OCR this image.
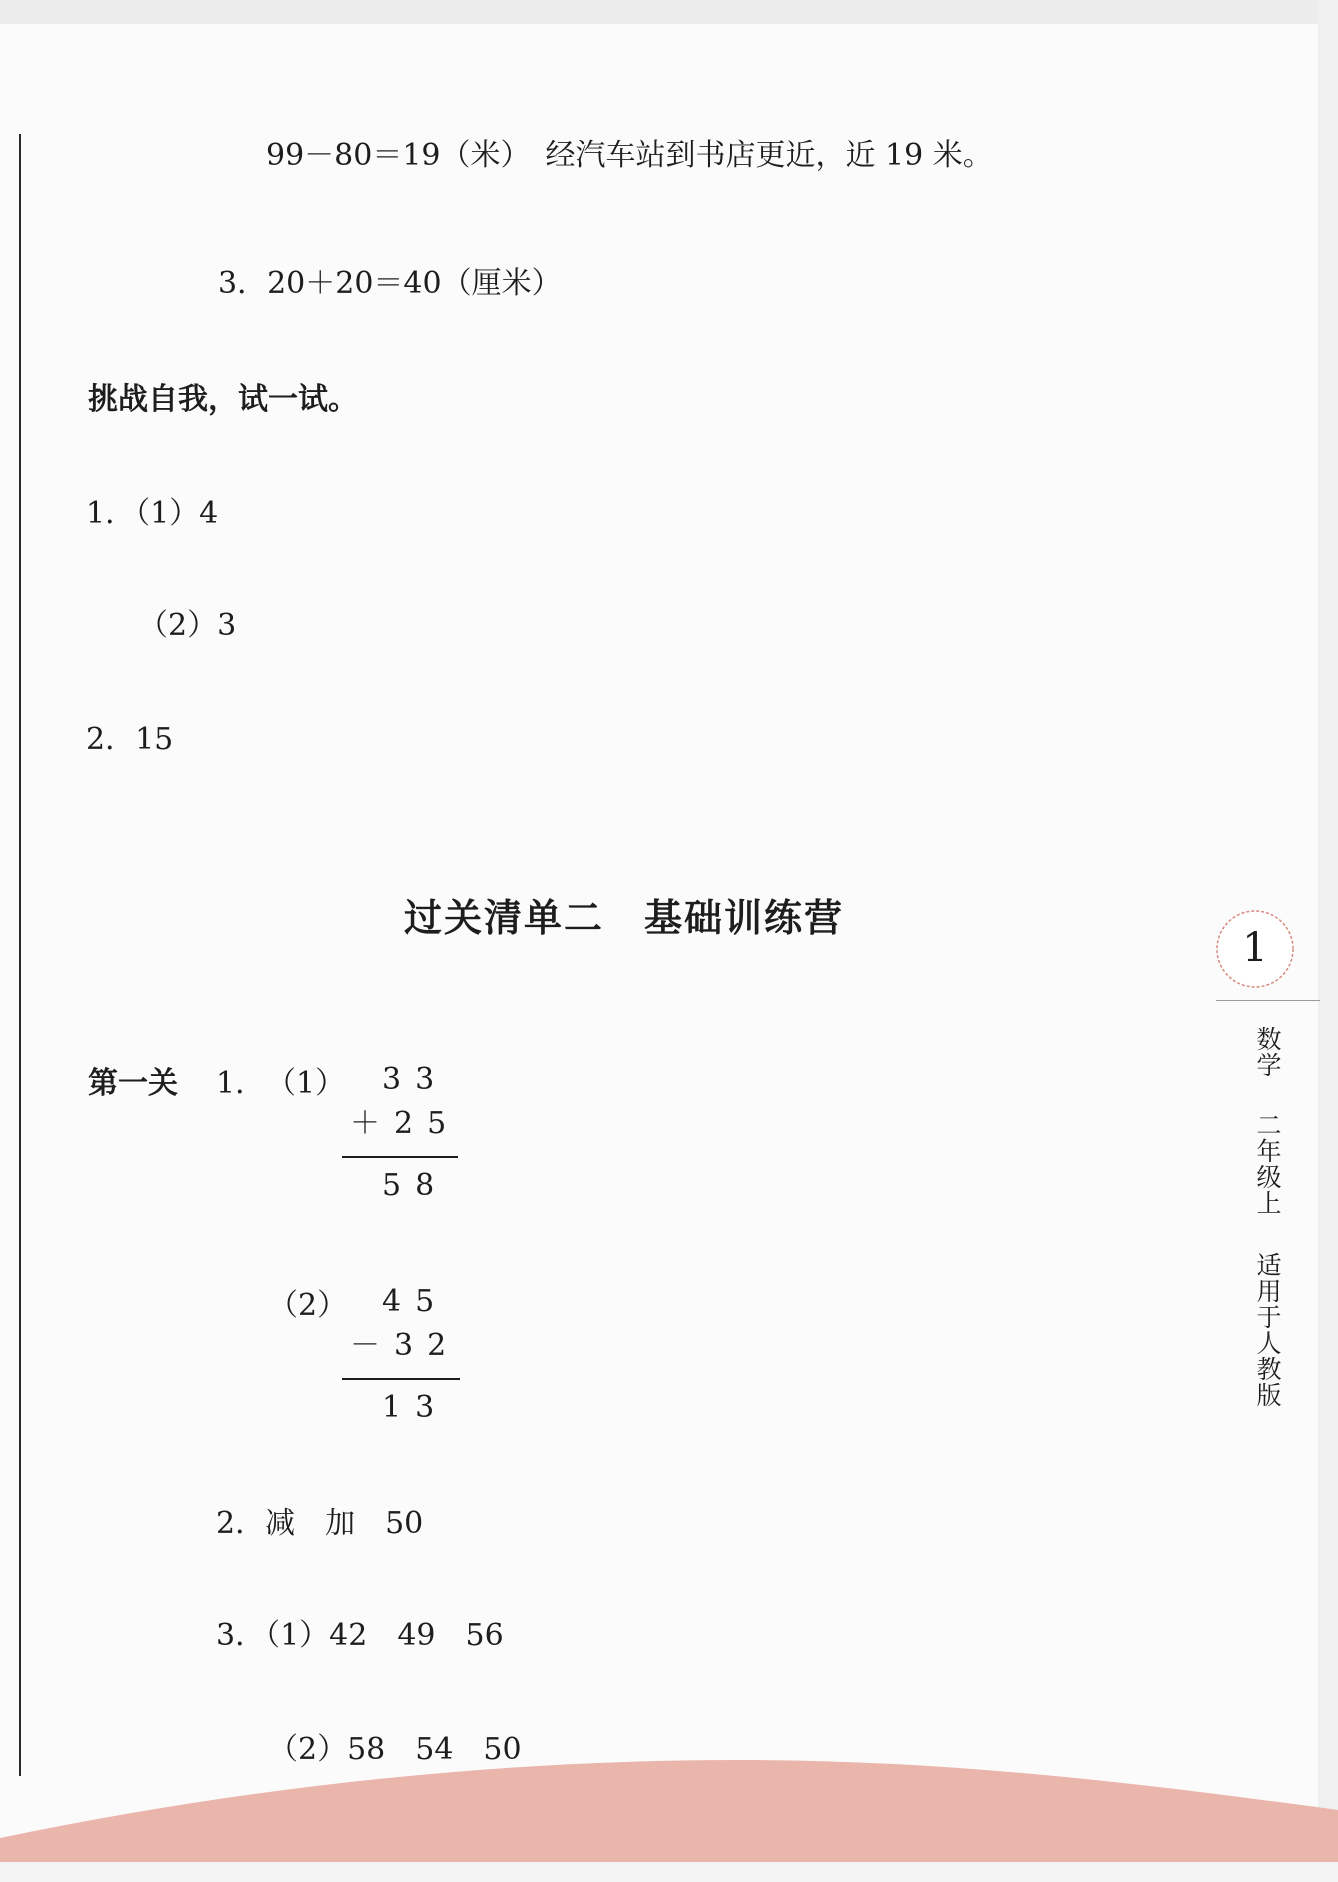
99－80＝19（米）　经汽车站到书店更近，近 19 米。
3．20＋20＝40（厘米）
挑战自我，试一试。
1．（1）4
（2）3
2．15
过关清单二　基础训练营
第一关 1． （1） 33
＋25
58
（2） 45
－32
13
2．减　加　50
3．（1）42　49　56
（2）58　54　50
1
数学
二年级上
适用于人教版
